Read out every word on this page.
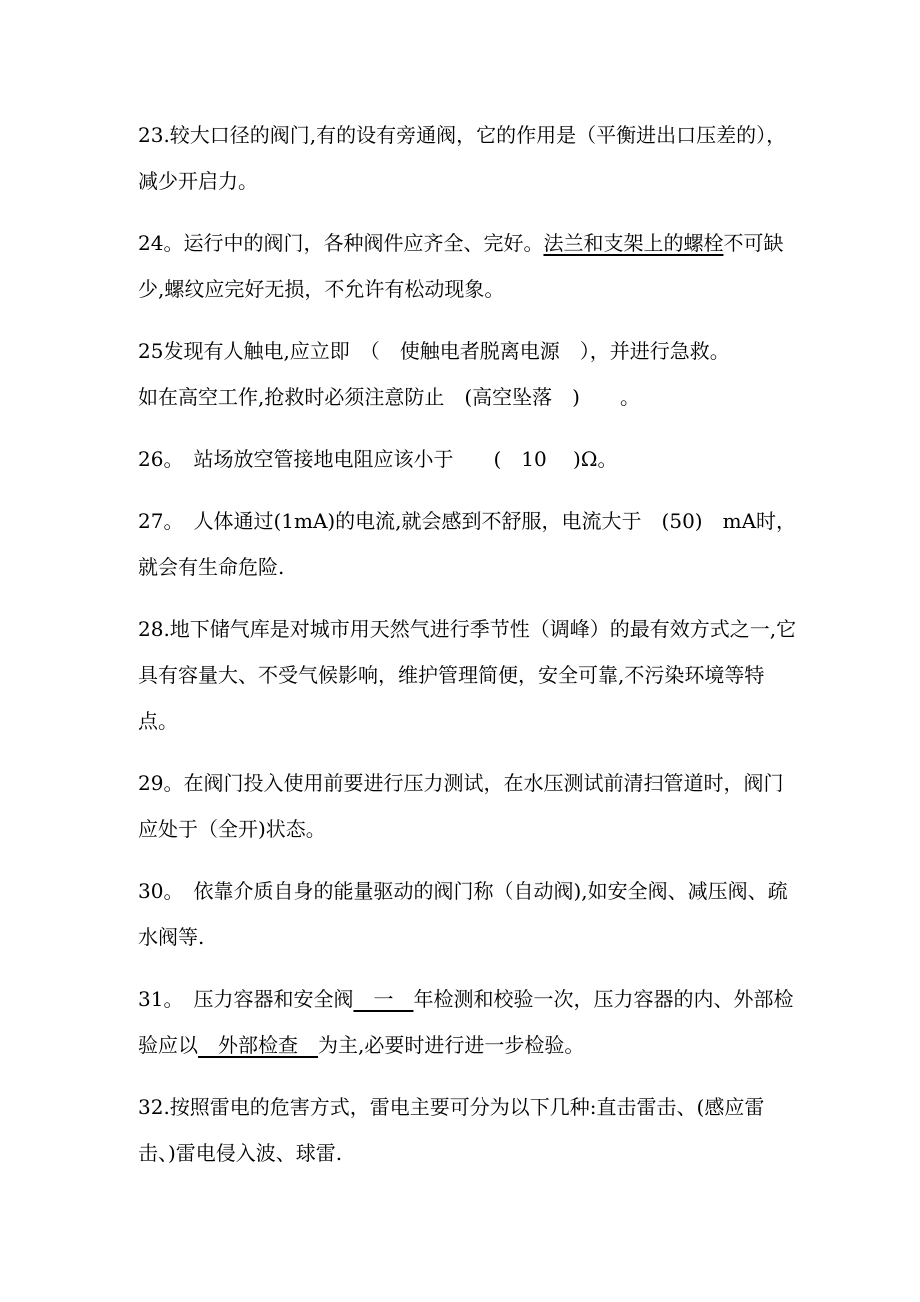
23.较大口径的阀门,有的设有旁通阀，它的作用是（平衡进出口压差的），减少开启力。

24。运行中的阀门，各种阀件应齐全、完好。法兰和支架上的螺栓不可缺少,螺纹应完好无损，不允许有松动现象。

25发现有人触电,应立即　（　使触电者脱离电源　），并进行急救。
如在高空工作,抢救时必须注意防止　(高空坠落　)　　。

26。　站场放空管接地电阻应该小于　　(　10　 )Ω。

27。　人体通过(1mA)的电流,就会感到不舒服，电流大于　(50)　mA时，就会有生命危险.

28.地下储气库是对城市用天然气进行季节性（调峰）的最有效方式之一,它具有容量大、不受气候影响，维护管理简便，安全可靠,不污染环境等特点。

29。在阀门投入使用前要进行压力测试，在水压测试前清扫管道时，阀门应处于（全开)状态。

30。　依靠介质自身的能量驱动的阀门称（自动阀),如安全阀、减压阀、疏水阀等.

31。　压力容器和安全阀　一　年检测和校验一次，压力容器的内、外部检验应以　外部检查　为主,必要时进行进一步检验。

32.按照雷电的危害方式，雷电主要可分为以下几种:直击雷击、(感应雷击、)雷电侵入波、球雷.
